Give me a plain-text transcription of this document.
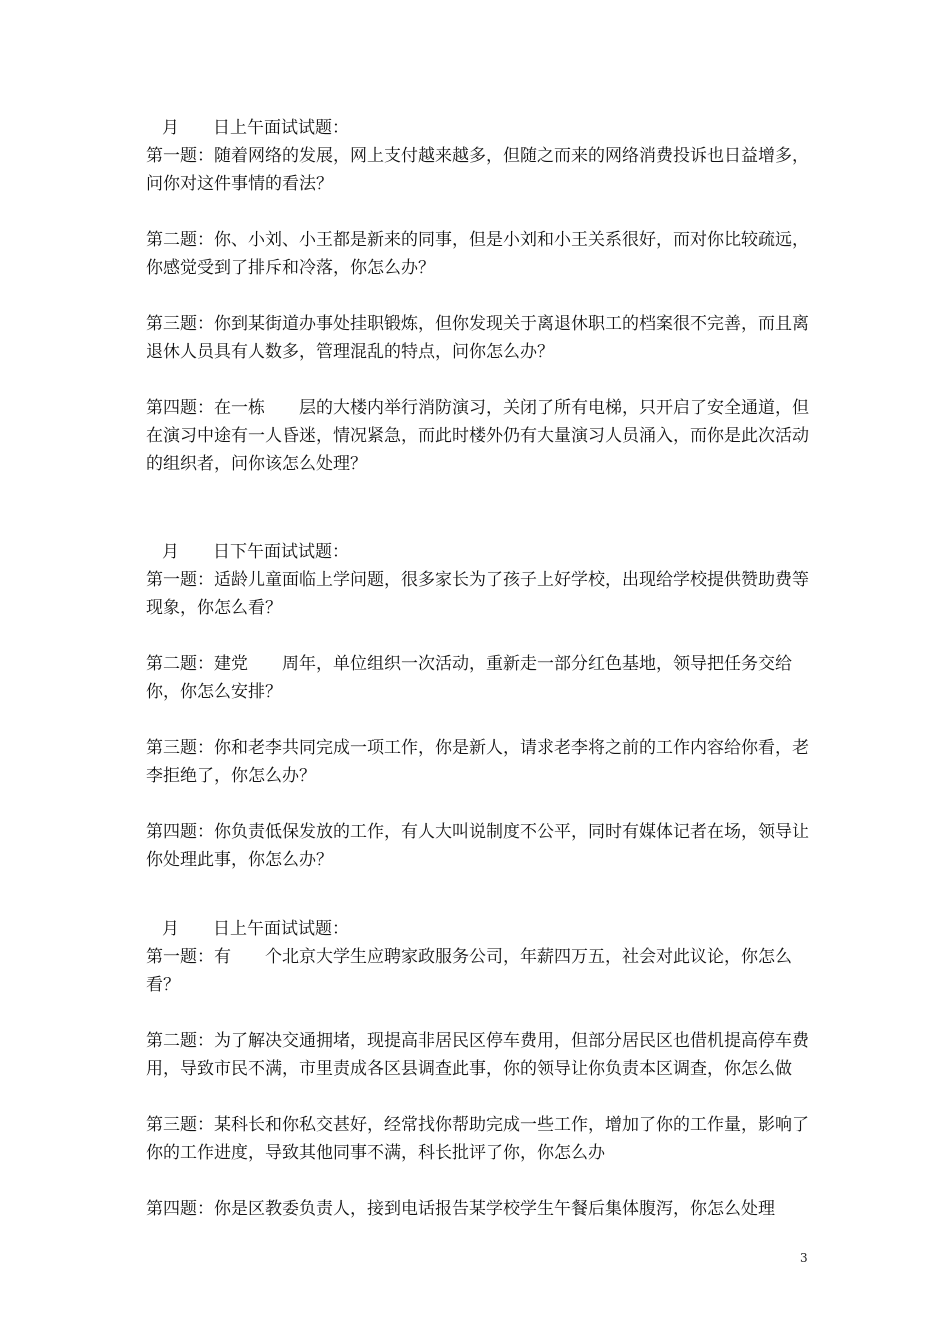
月　　日上午面试试题：

第一题：随着网络的发展，网上支付越来越多，但随之而来的网络消费投诉也日益增多，问你对这件事情的看法？

第二题：你、小刘、小王都是新来的同事，但是小刘和小王关系很好，而对你比较疏远，你感觉受到了排斥和冷落，你怎么办？

第三题：你到某街道办事处挂职锻炼，但你发现关于离退休职工的档案很不完善，而且离退休人员具有人数多，管理混乱的特点，问你怎么办？

第四题：在一栋　　层的大楼内举行消防演习，关闭了所有电梯，只开启了安全通道，但在演习中途有一人昏迷，情况紧急，而此时楼外仍有大量演习人员涌入，而你是此次活动的组织者，问你该怎么处理？

月　　日下午面试试题：

第一题：适龄儿童面临上学问题，很多家长为了孩子上好学校，出现给学校提供赞助费等现象，你怎么看？

第二题：建党　　周年，单位组织一次活动，重新走一部分红色基地，领导把任务交给你，你怎么安排？

第三题：你和老李共同完成一项工作，你是新人，请求老李将之前的工作内容给你看，老李拒绝了，你怎么办？

第四题：你负责低保发放的工作，有人大叫说制度不公平，同时有媒体记者在场，领导让你处理此事，你怎么办？

月　　日上午面试试题：

第一题：有　　个北京大学生应聘家政服务公司，年薪四万五，社会对此议论，你怎么看？

第二题：为了解决交通拥堵，现提高非居民区停车费用，但部分居民区也借机提高停车费用，导致市民不满，市里责成各区县调查此事，你的领导让你负责本区调查，你怎么做

第三题：某科长和你私交甚好，经常找你帮助完成一些工作，增加了你的工作量，影响了你的工作进度，导致其他同事不满，科长批评了你，你怎么办

第四题：你是区教委负责人，接到电话报告某学校学生午餐后集体腹泻，你怎么处理

3
